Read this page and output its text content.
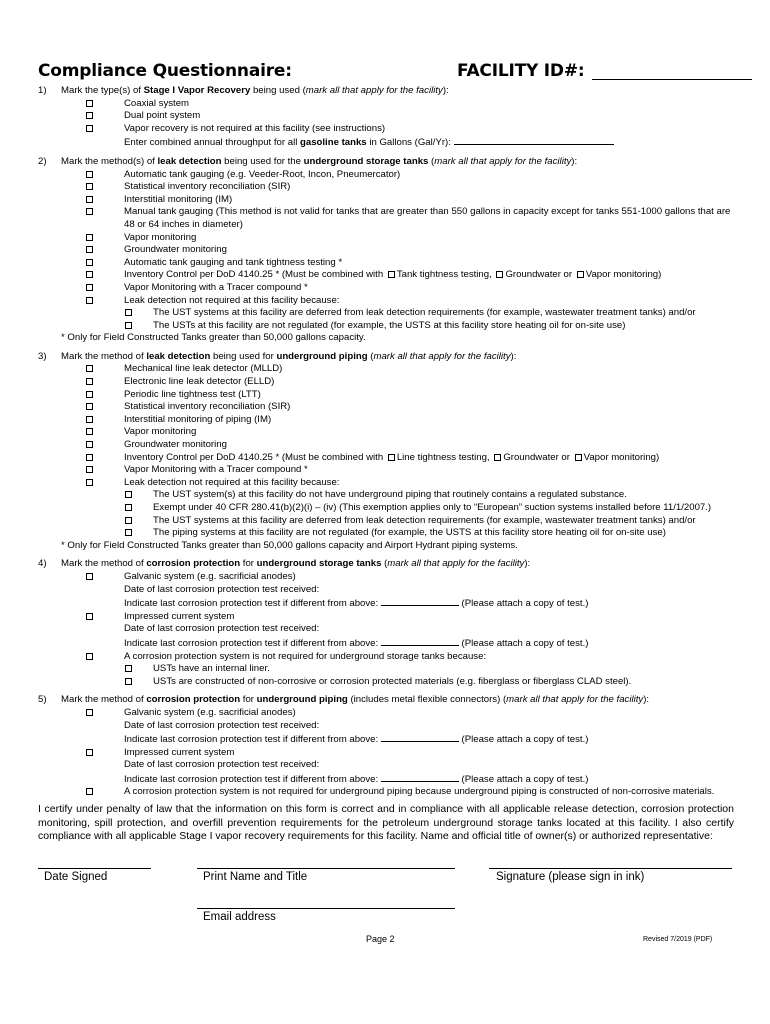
Compliance Questionnaire:	FACILITY ID#:
1) Mark the type(s) of Stage I Vapor Recovery being used (mark all that apply for the facility):
Coaxial system
Dual point system
Vapor recovery is not required at this facility (see instructions)
Enter combined annual throughput for all gasoline tanks in Gallons (Gal/Yr):
2) Mark the method(s) of leak detection being used for the underground storage tanks (mark all that apply for the facility):
Automatic tank gauging (e.g. Veeder-Root, Incon, Pneumercator)
Statistical inventory reconciliation (SIR)
Interstitial monitoring (IM)
Manual tank gauging (This method is not valid for tanks that are greater than 550 gallons in capacity except for tanks 551-1000 gallons that are 48 or 64 inches in diameter)
Vapor monitoring
Groundwater monitoring
Automatic tank gauging and tank tightness testing *
Inventory Control per DoD 4140.25 * (Must be combined with Tank tightness testing, Groundwater or Vapor monitoring)
Vapor Monitoring with a Tracer compound *
Leak detection not required at this facility because:
The UST systems at this facility are deferred from leak detection requirements (for example, wastewater treatment tanks) and/or
The USTs at this facility are not regulated (for example, the USTS at this facility store heating oil for on-site use)
* Only for Field Constructed Tanks greater than 50,000 gallons capacity.
3) Mark the method of leak detection being used for underground piping (mark all that apply for the facility):
Mechanical line leak detector (MLLD)
Electronic line leak detector (ELLD)
Periodic line tightness test (LTT)
Statistical inventory reconciliation (SIR)
Interstitial monitoring of piping (IM)
Vapor monitoring
Groundwater monitoring
Inventory Control per DoD 4140.25 * (Must be combined with Line tightness testing, Groundwater or Vapor monitoring)
Vapor Monitoring with a Tracer compound *
Leak detection not required at this facility because:
The UST system(s) at this facility do not have underground piping that routinely contains a regulated substance.
Exempt under 40 CFR 280.41(b)(2)(i) – (iv) (This exemption applies only to “European” suction systems installed before 11/1/2007.)
The UST systems at this facility are deferred from leak detection requirements (for example, wastewater treatment tanks) and/or
The piping systems at this facility are not regulated (for example, the USTS at this facility store heating oil for on-site use)
* Only for Field Constructed Tanks greater than 50,000 gallons capacity and Airport Hydrant piping systems.
4) Mark the method of corrosion protection for underground storage tanks (mark all that apply for the facility):
Galvanic system (e.g. sacrificial anodes)
Date of last corrosion protection test received:
Indicate last corrosion protection test if different from above:	(Please attach a copy of test.)
Impressed current system
Date of last corrosion protection test received:
Indicate last corrosion protection test if different from above:	(Please attach a copy of test.)
A corrosion protection system is not required for underground storage tanks because:
USTs have an internal liner.
USTs are constructed of non-corrosive or corrosion protected materials (e.g. fiberglass or fiberglass CLAD steel).
5) Mark the method of corrosion protection for underground piping (includes metal flexible connectors) (mark all that apply for the facility):
Galvanic system (e.g. sacrificial anodes)
Date of last corrosion protection test received:
Indicate last corrosion protection test if different from above:	(Please attach a copy of test.)
Impressed current system
Date of last corrosion protection test received:
Indicate last corrosion protection test if different from above:	(Please attach a copy of test.)
A corrosion protection system is not required for underground piping because underground piping is constructed of non-corrosive materials.
I certify under penalty of law that the information on this form is correct and in compliance with all applicable release detection, corrosion protection monitoring, spill protection, and overfill prevention requirements for the petroleum underground storage tanks located at this facility. I also certify compliance with all applicable Stage I vapor recovery requirements for this facility. Name and official title of owner(s) or authorized representative:
Date Signed	Print Name and Title	Signature (please sign in ink)
Email address
Page 2	Revised 7/2019 (PDF)
